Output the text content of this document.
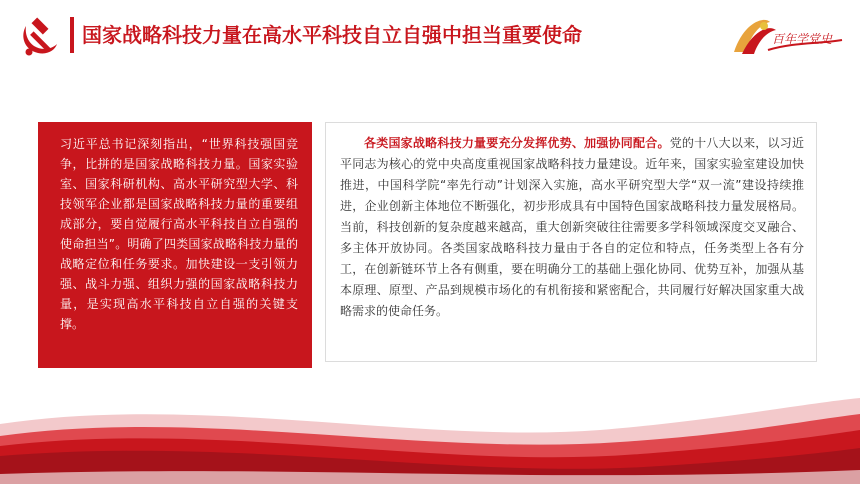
国家战略科技力量在高水平科技自立自强中担当重要使命	百年学党史

习近平总书记深刻指出，“世界科技强国竞争，比拼的是国家战略科技力量。国家实验室、国家科研机构、高水平研究型大学、科技领军企业都是国家战略科技力量的重要组成部分，要自觉履行高水平科技自立自强的使命担当”。明确了四类国家战略科技力量的战略定位和任务要求。加快建设一支引领力强、战斗力强、组织力强的国家战略科技力量，是实现高水平科技自立自强的关键支撑。

各类国家战略科技力量要充分发挥优势、加强协同配合。党的十八大以来，以习近平同志为核心的党中央高度重视国家战略科技力量建设。近年来，国家实验室建设加快推进，中国科学院“率先行动”计划深入实施，高水平研究型大学“双一流”建设持续推进，企业创新主体地位不断强化，初步形成具有中国特色国家战略科技力量发展格局。当前，科技创新的复杂度越来越高，重大创新突破往往需要多学科领域深度交叉融合、多主体开放协同。各类国家战略科技力量由于各自的定位和特点，任务类型上各有分工，在创新链环节上各有侧重，要在明确分工的基础上强化协同、优势互补，加强从基本原理、原型、产品到规模市场化的有机衔接和紧密配合，共同履行好解决国家重大战略需求的使命任务。
